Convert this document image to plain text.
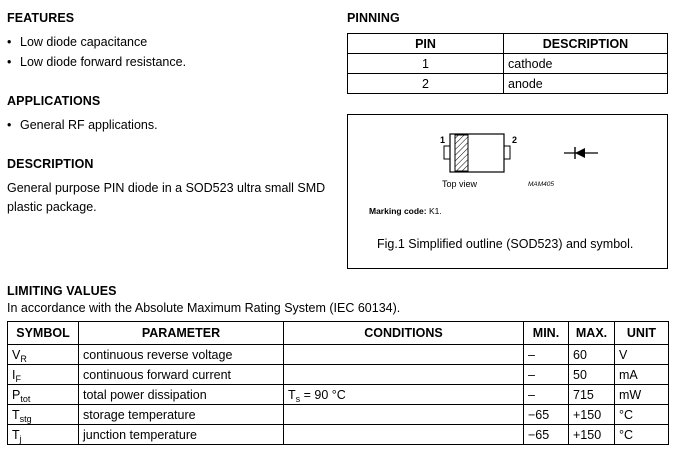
FEATURES
• Low diode capacitance
• Low diode forward resistance.
APPLICATIONS
• General RF applications.
DESCRIPTION
General purpose PIN diode in a SOD523 ultra small SMD plastic package.
PINNING
PIN	DESCRIPTION
1	cathode
2	anode
1	2
Top view	MAM405
Marking code: K1.
Fig.1 Simplified outline (SOD523) and symbol.
LIMITING VALUES
In accordance with the Absolute Maximum Rating System (IEC 60134).
SYMBOL	PARAMETER	CONDITIONS	MIN.	MAX.	UNIT
$V_R$	continuous reverse voltage		–	60	V
$I_F$	continuous forward current		–	50	mA
$P_{tot}$	total power dissipation	$T_s = 90$ °C	–	715	mW
$T_{stg}$	storage temperature		−65	+150	°C
$T_j$	junction temperature		−65	+150	°C
